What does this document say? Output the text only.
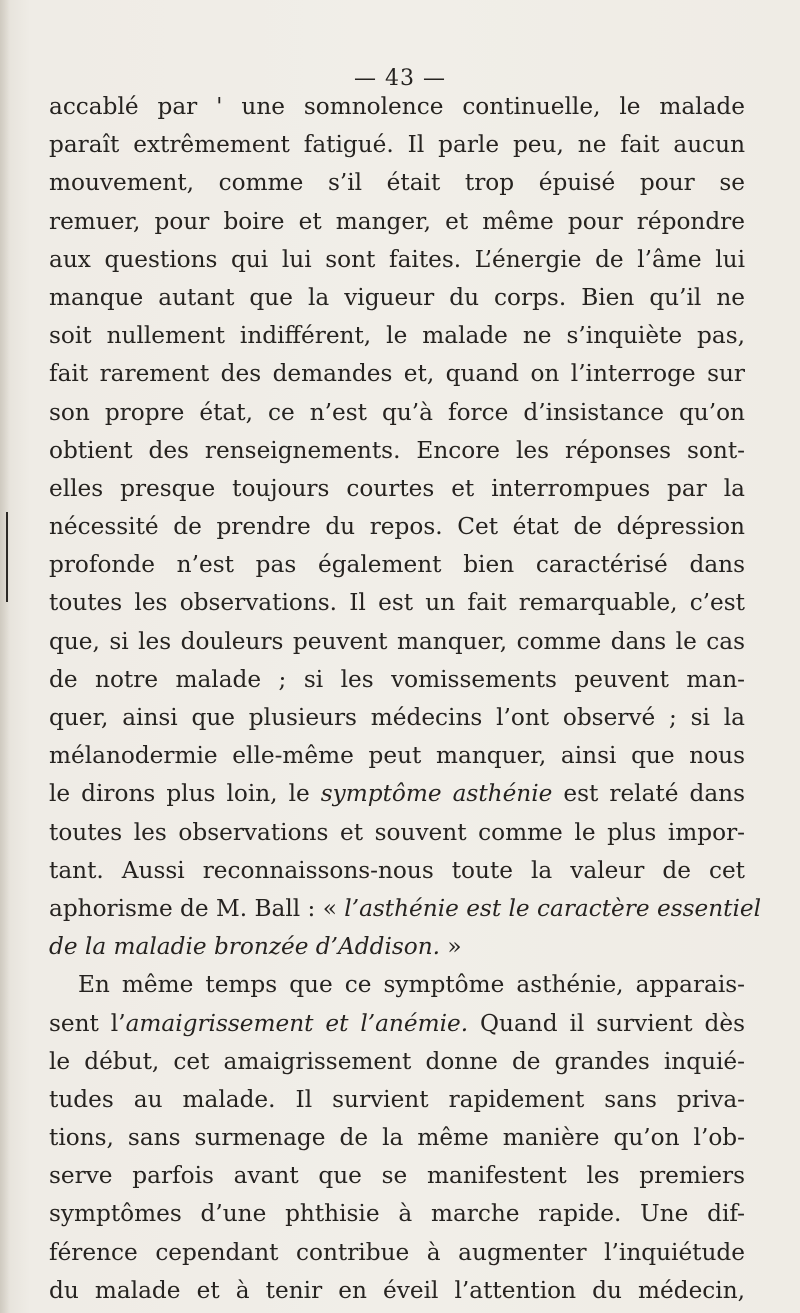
— 43 —
accablé par ' une somnolence continuelle, le malade
paraît extrêmement fatigué. Il parle peu, ne fait aucun
mouvement, comme s’il était trop épuisé pour se
remuer, pour boire et manger, et même pour répondre
aux questions qui lui sont faites. L’énergie de l’âme lui
manque autant que la vigueur du corps. Bien qu’il ne
soit nullement indifférent, le malade ne s’inquiète pas,
fait rarement des demandes et, quand on l’interroge sur
son propre état, ce n’est qu’à force d’insistance qu’on
obtient des renseignements. Encore les réponses sont-
elles presque toujours courtes et interrompues par la
nécessité de prendre du repos. Cet état de dépression
profonde n’est pas également bien caractérisé dans
toutes les observations. Il est un fait remarquable, c’est
que, si les douleurs peuvent manquer, comme dans le cas
de notre malade ; si les vomissements peuvent man-
quer, ainsi que plusieurs médecins l’ont observé ; si la
mélanodermie elle-même peut manquer, ainsi que nous
le dirons plus loin, le symptôme asthénie est relaté dans
toutes les observations et souvent comme le plus impor-
tant. Aussi reconnaissons-nous toute la valeur de cet
aphorisme de M. Ball : « l’asthénie est le caractère essentiel
de la maladie bronzée d’Addison. »
En même temps que ce symptôme asthénie, apparais-
sent l’amaigrissement et l’anémie. Quand il survient dès
le début, cet amaigrissement donne de grandes inquié-
tudes au malade. Il survient rapidement sans priva-
tions, sans surmenage de la même manière qu’on l’ob-
serve parfois avant que se manifestent les premiers
symptômes d’une phthisie à marche rapide. Une dif-
férence cependant contribue à augmenter l’inquiétude
du malade et à tenir en éveil l’attention du médecin,
